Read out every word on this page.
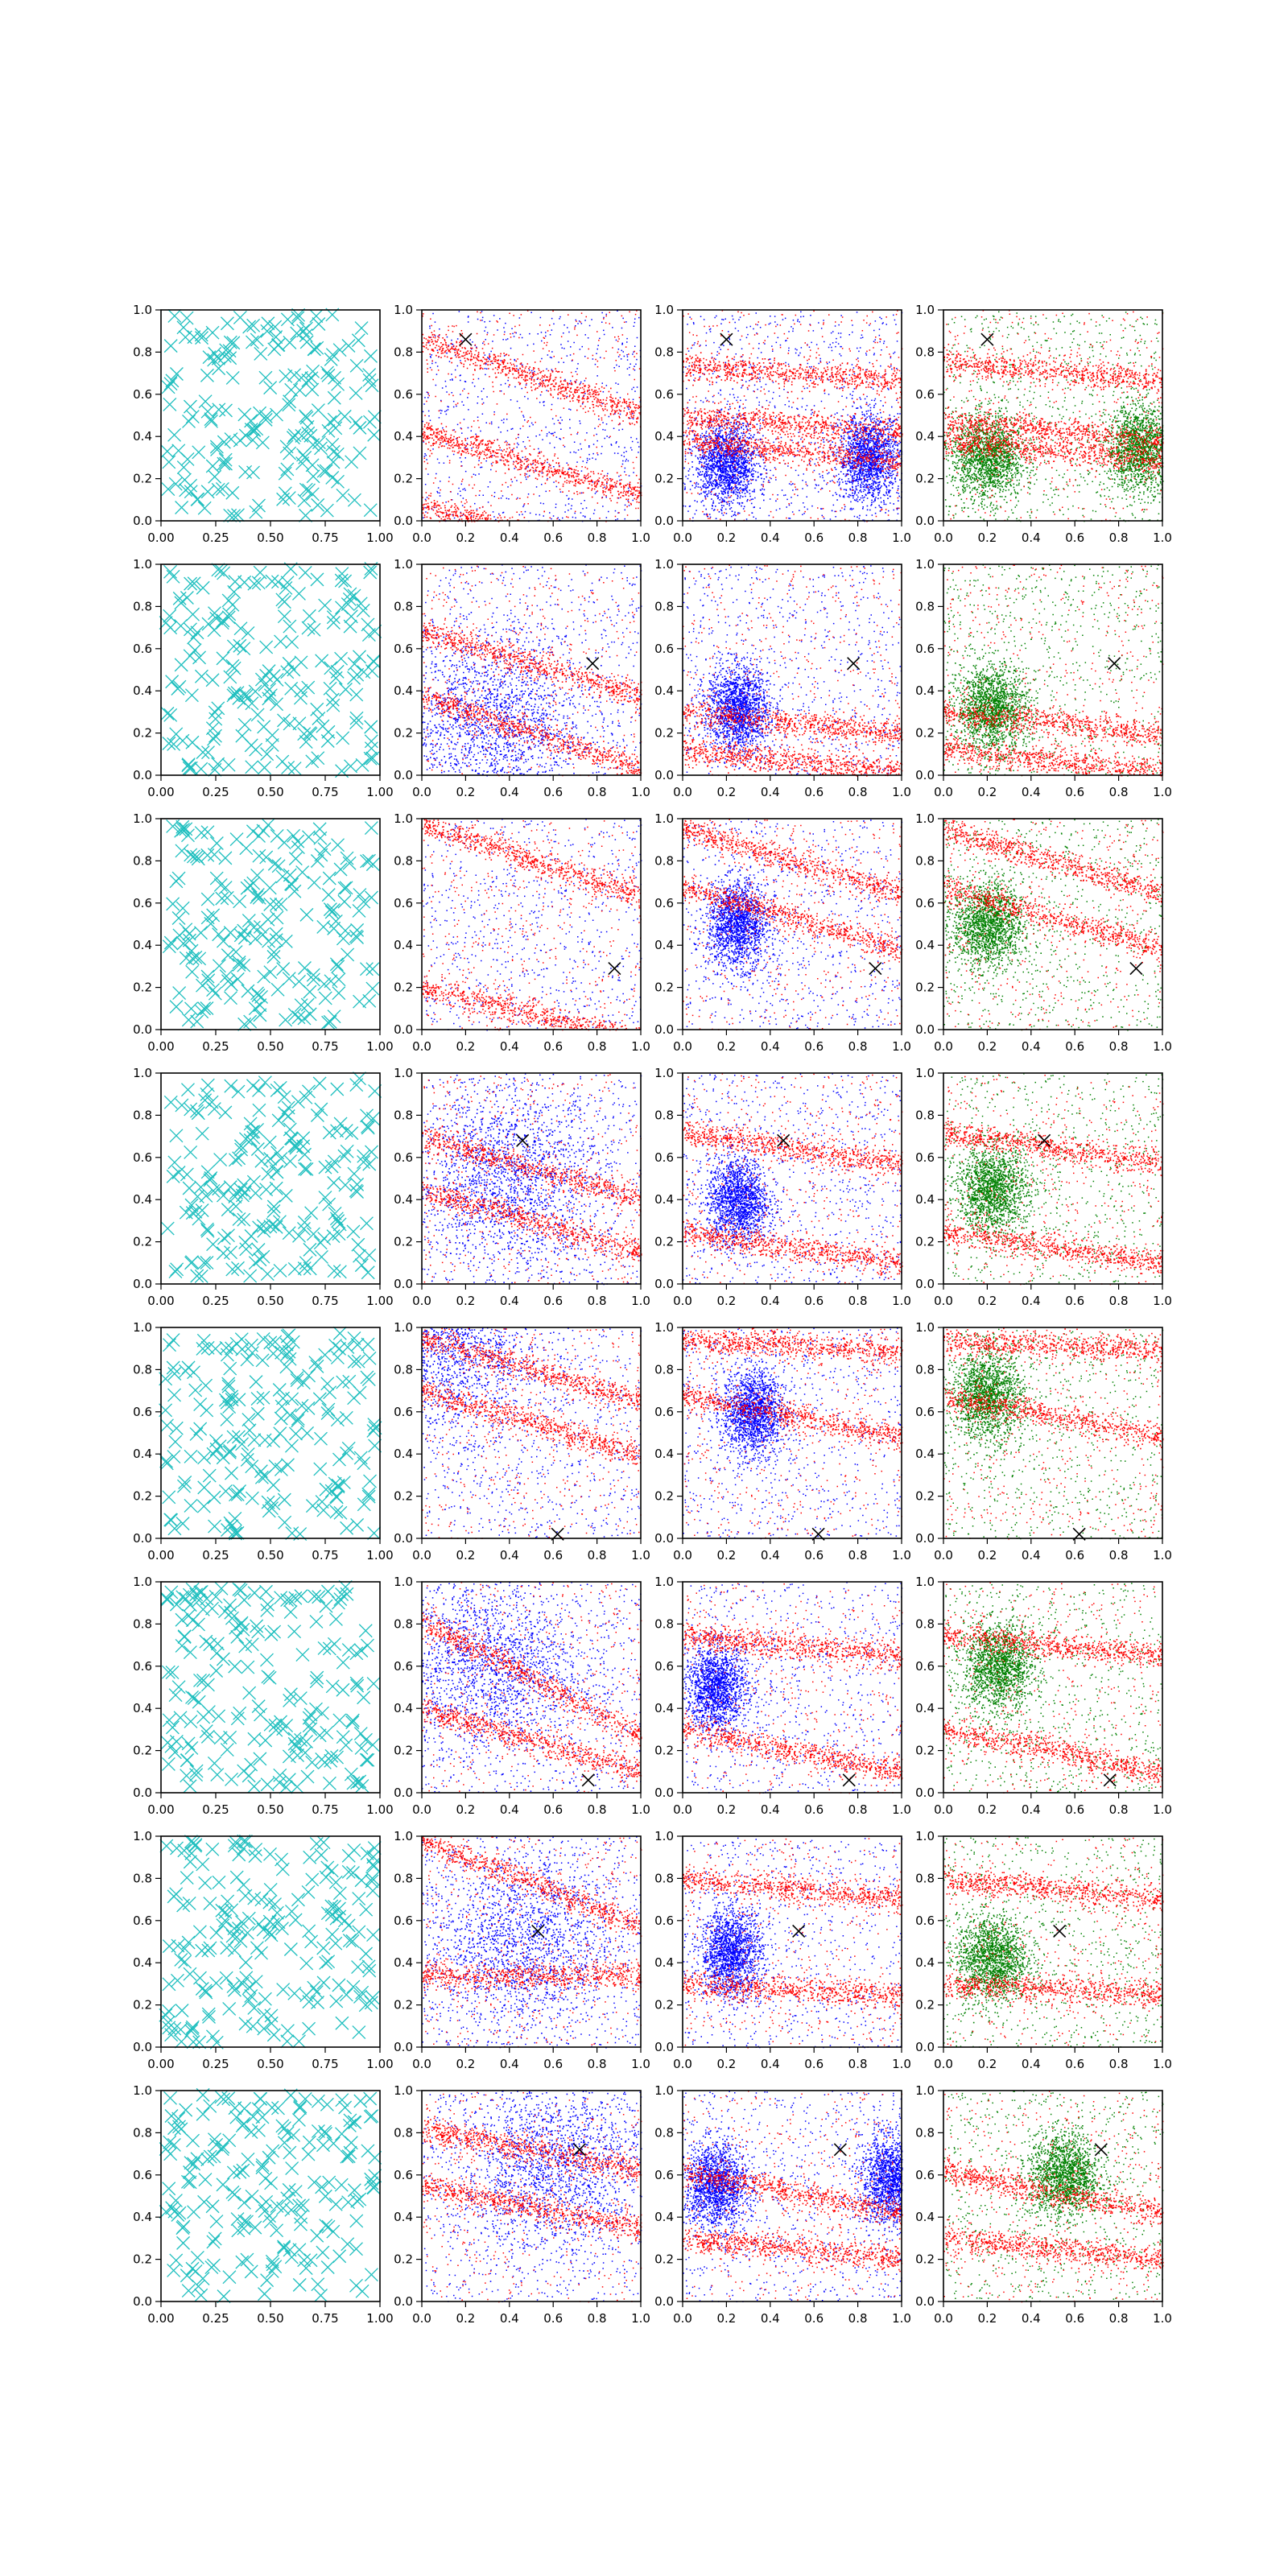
0.00 0.25 0.50 0.75 1.00
0.0
0.2
0.4
0.6
0.8
1.0
0.0 0.2 0.4 0.6 0.8 1.0
0.0
0.2
0.4
0.6
0.8
1.0
0.0 0.2 0.4 0.6 0.8 1.0
0.0
0.2
0.4
0.6
0.8
1.0
0.0 0.2 0.4 0.6 0.8 1.0
0.0
0.2
0.4
0.6
0.8
1.0
0.00 0.25 0.50 0.75 1.00
0.0
0.2
0.4
0.6
0.8
1.0
0.0 0.2 0.4 0.6 0.8 1.0
0.0
0.2
0.4
0.6
0.8
1.0
0.0 0.2 0.4 0.6 0.8 1.0
0.0
0.2
0.4
0.6
0.8
1.0
0.0 0.2 0.4 0.6 0.8 1.0
0.0
0.2
0.4
0.6
0.8
1.0
0.00 0.25 0.50 0.75 1.00
0.0
0.2
0.4
0.6
0.8
1.0
0.0 0.2 0.4 0.6 0.8 1.0
0.0
0.2
0.4
0.6
0.8
1.0
0.0 0.2 0.4 0.6 0.8 1.0
0.0
0.2
0.4
0.6
0.8
1.0
0.0 0.2 0.4 0.6 0.8 1.0
0.0
0.2
0.4
0.6
0.8
1.0
0.00 0.25 0.50 0.75 1.00
0.0
0.2
0.4
0.6
0.8
1.0
0.0 0.2 0.4 0.6 0.8 1.0
0.0
0.2
0.4
0.6
0.8
1.0
0.0 0.2 0.4 0.6 0.8 1.0
0.0
0.2
0.4
0.6
0.8
1.0
0.0 0.2 0.4 0.6 0.8 1.0
0.0
0.2
0.4
0.6
0.8
1.0
0.00 0.25 0.50 0.75 1.00
0.0
0.2
0.4
0.6
0.8
1.0
0.0 0.2 0.4 0.6 0.8 1.0
0.0
0.2
0.4
0.6
0.8
1.0
0.0 0.2 0.4 0.6 0.8 1.0
0.0
0.2
0.4
0.6
0.8
1.0
0.0 0.2 0.4 0.6 0.8 1.0
0.0
0.2
0.4
0.6
0.8
1.0
0.00 0.25 0.50 0.75 1.00
0.0
0.2
0.4
0.6
0.8
1.0
0.0 0.2 0.4 0.6 0.8 1.0
0.0
0.2
0.4
0.6
0.8
1.0
0.0 0.2 0.4 0.6 0.8 1.0
0.0
0.2
0.4
0.6
0.8
1.0
0.0 0.2 0.4 0.6 0.8 1.0
0.0
0.2
0.4
0.6
0.8
1.0
0.00 0.25 0.50 0.75 1.00
0.0
0.2
0.4
0.6
0.8
1.0
0.0 0.2 0.4 0.6 0.8 1.0
0.0
0.2
0.4
0.6
0.8
1.0
0.0 0.2 0.4 0.6 0.8 1.0
0.0
0.2
0.4
0.6
0.8
1.0
0.0 0.2 0.4 0.6 0.8 1.0
0.0
0.2
0.4
0.6
0.8
1.0
0.00 0.25 0.50 0.75 1.00
0.0
0.2
0.4
0.6
0.8
1.0
0.0 0.2 0.4 0.6 0.8 1.0
0.0
0.2
0.4
0.6
0.8
1.0
0.0 0.2 0.4 0.6 0.8 1.0
0.0
0.2
0.4
0.6
0.8
1.0
0.0 0.2 0.4 0.6 0.8 1.0
0.0
0.2
0.4
0.6
0.8
1.0
